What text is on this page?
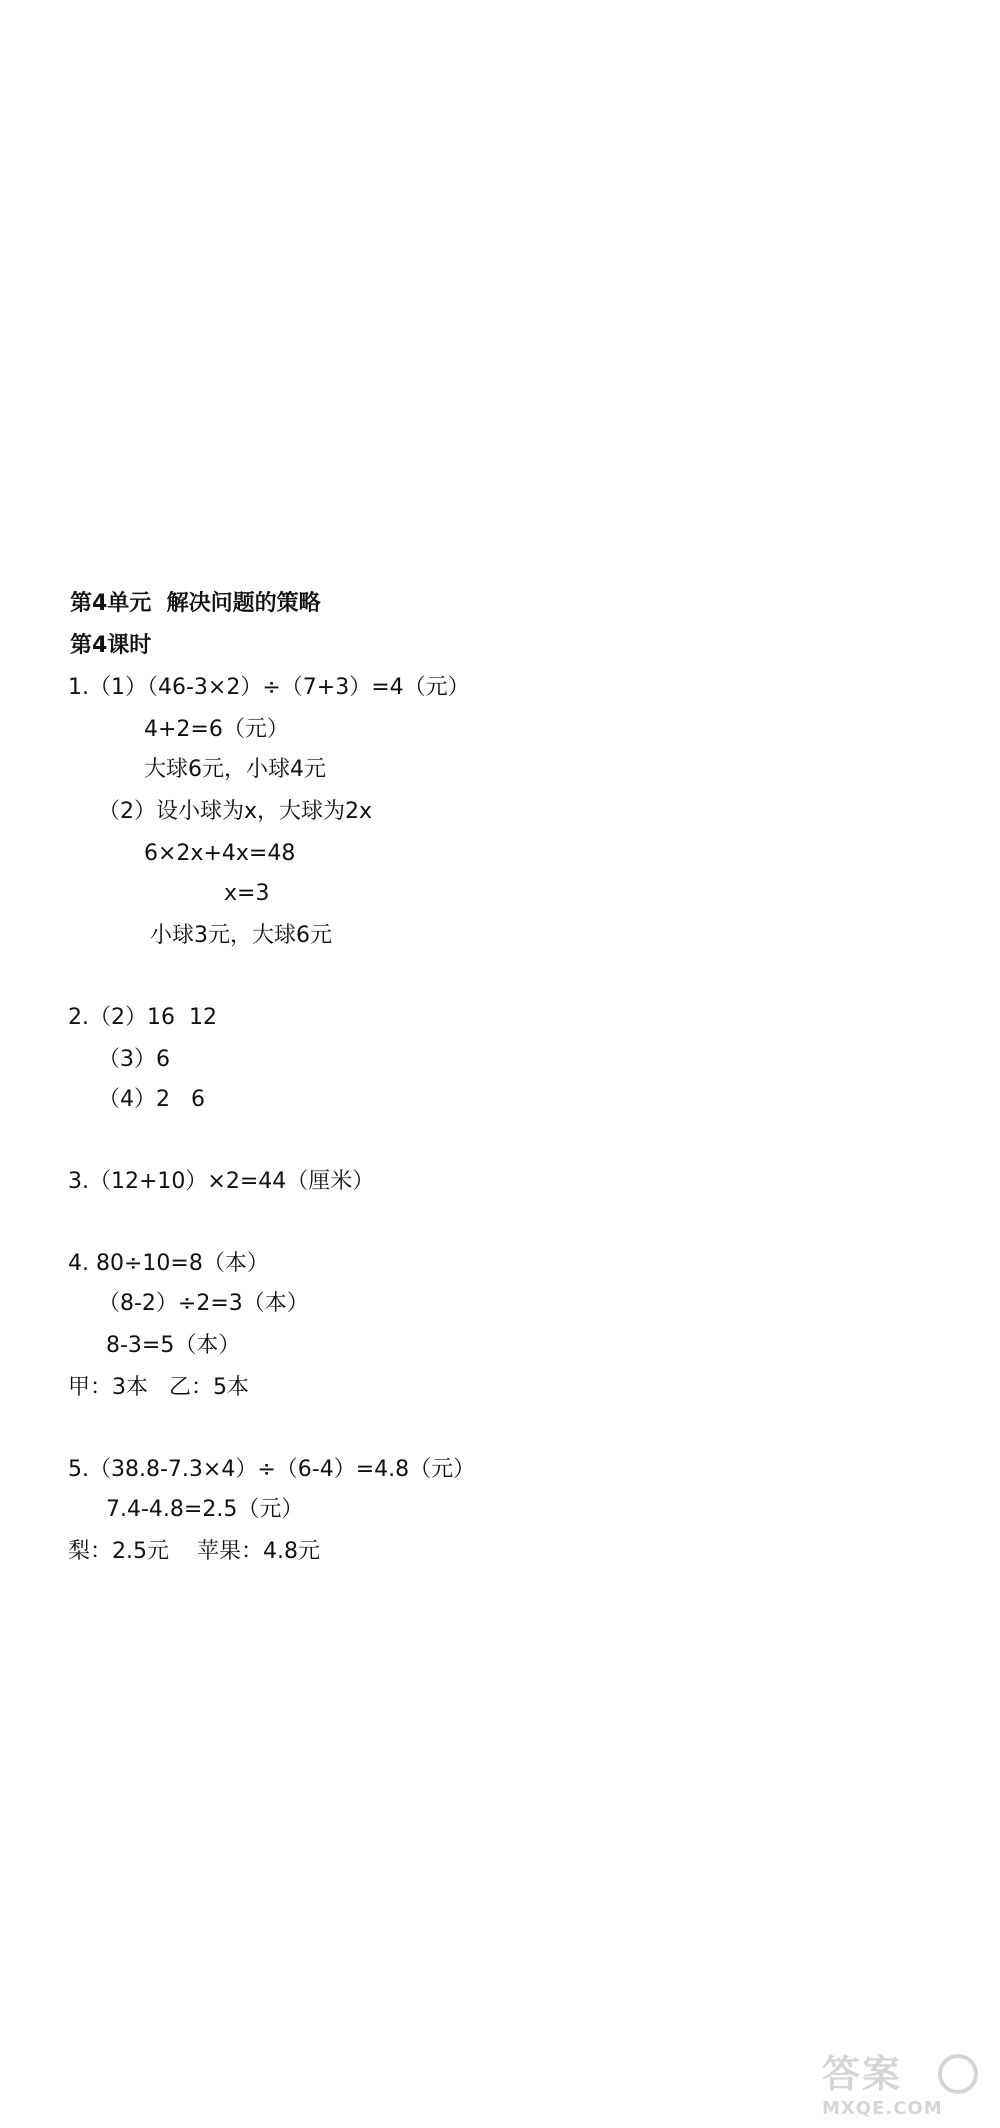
第4单元  解决问题的策略
第4课时
1.（1）（46-3×2）÷（7+3）=4（元）
4+2=6（元）
大球6元，小球4元
（2）设小球为x，大球为2x
6×2x+4x=48
x=3
小球3元，大球6元
2.（2）16  12
（3）6
（4）2   6
3.（12+10）×2=44（厘米）
4. 80÷10=8（本）
（8-2）÷2=3（本）
8-3=5（本）
甲：3本   乙：5本
5.（38.8-7.3×4）÷（6-4）=4.8（元）
7.4-4.8=2.5（元）
梨：2.5元    苹果：4.8元
答案
MXQE.COM
